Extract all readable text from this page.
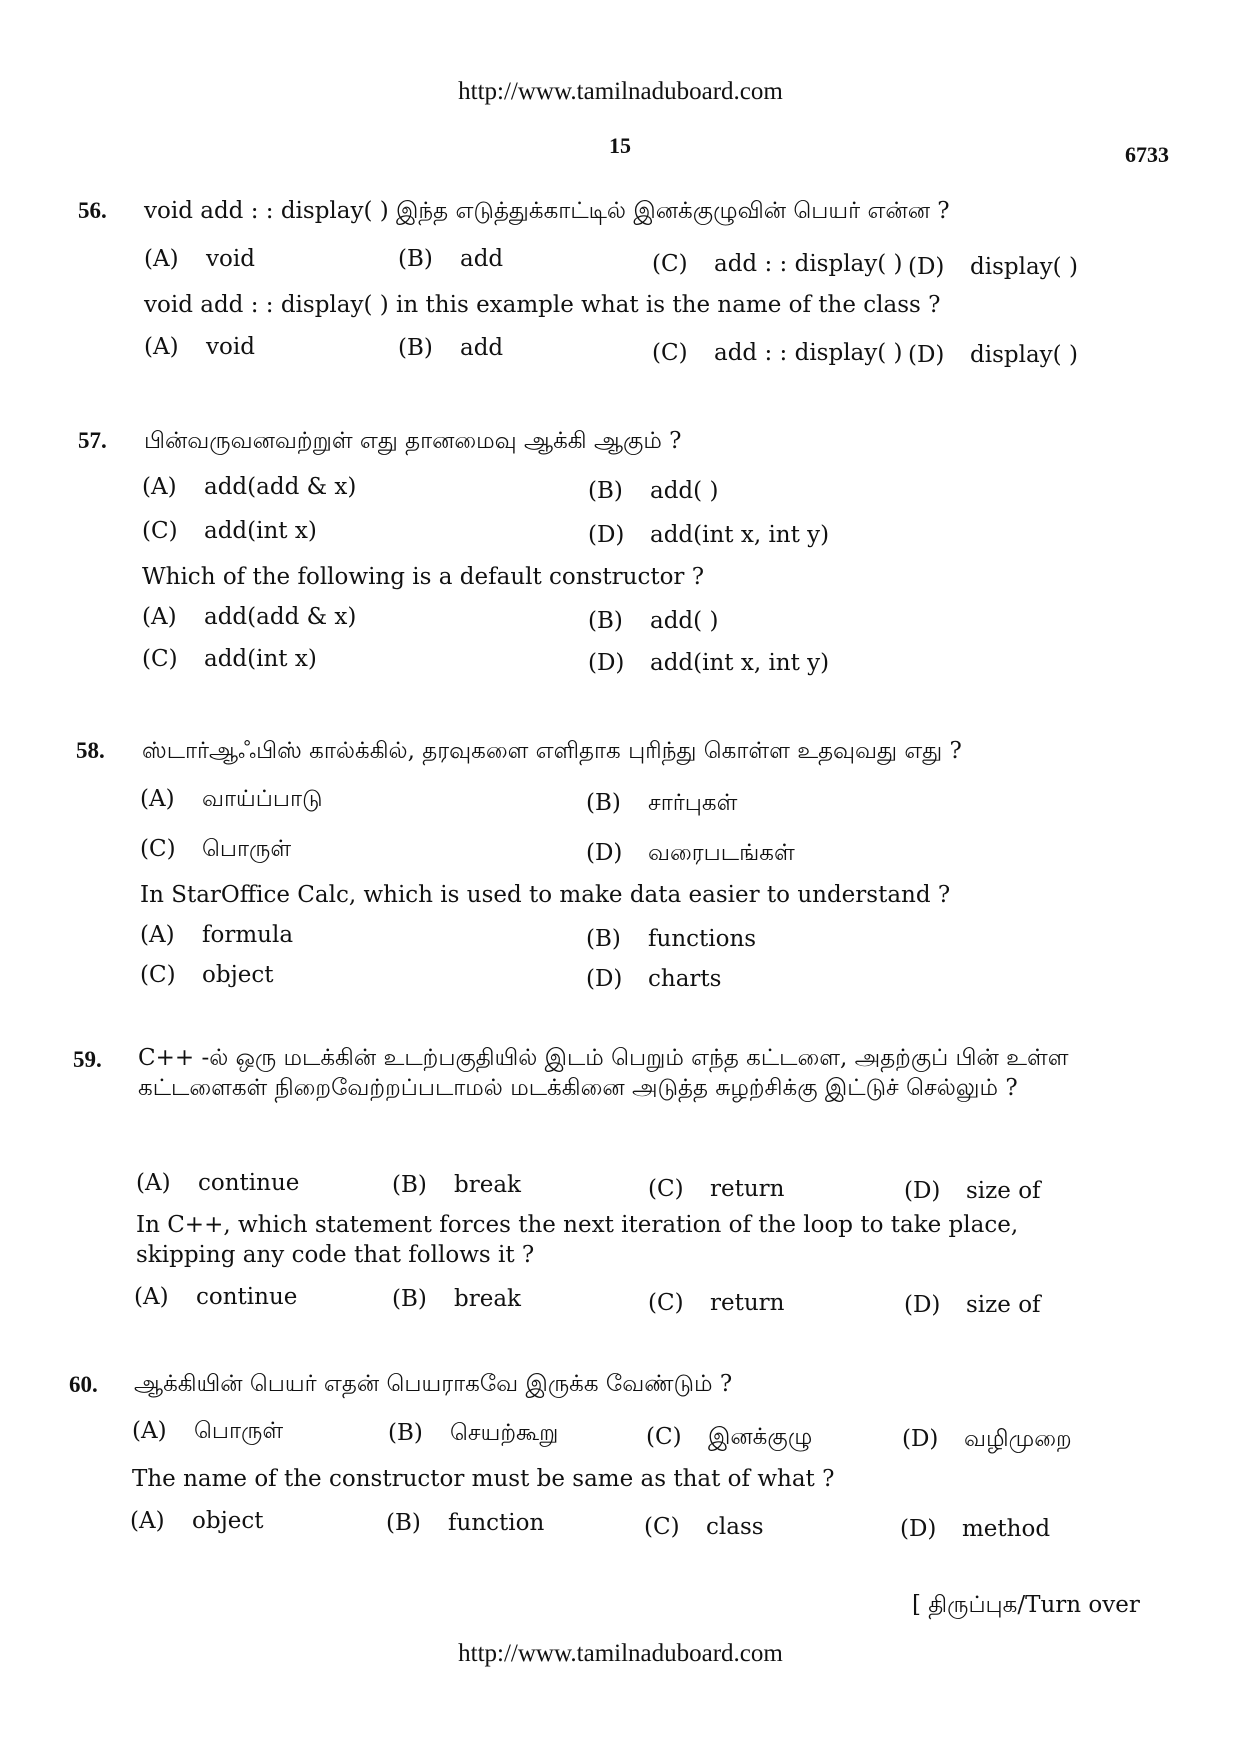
http://www.tamilnaduboard.com
15	6733
56. void add : : display( ) இந்த எடுத்துக்காட்டில் இனக்குழுவின் பெயர் என்ன ?
(A) void	(B) add	(C) add : : display( ) (D) display( )
void add : : display( ) in this example what is the name of the class ?
(A) void	(B) add	(C) add : : display( ) (D) display( )
57. பின்வருவனவற்றுள் எது தானமைவு ஆக்கி ஆகும் ?
(A) add(add & x)	(B) add( )
(C) add(int x)	(D) add(int x, int y)
Which of the following is a default constructor ?
(A) add(add & x)	(B) add( )
(C) add(int x)	(D) add(int x, int y)
58. ஸ்டார்ஆஃபிஸ் கால்க்கில், தரவுகளை எளிதாக புரிந்து கொள்ள உதவுவது எது ?
(A) வாய்ப்பாடு	(B) சார்புகள்
(C) பொருள்	(D) வரைபடங்கள்
In StarOffice Calc, which is used to make data easier to understand ?
(A) formula	(B) functions
(C) object	(D) charts
59. C++ -ல் ஒரு மடக்கின் உடற்பகுதியில் இடம் பெறும் எந்த கட்டளை, அதற்குப் பின் உள்ள கட்டளைகள் நிறைவேற்றப்படாமல் மடக்கினை அடுத்த சுழற்சிக்கு இட்டுச் செல்லும் ?
(A) continue	(B) break	(C) return	(D) size of
In C++, which statement forces the next iteration of the loop to take place, skipping any code that follows it ?
(A) continue	(B) break	(C) return	(D) size of
60. ஆக்கியின் பெயர் எதன் பெயராகவே இருக்க வேண்டும் ?
(A) பொருள்	(B) செயற்கூறு	(C) இனக்குழு	(D) வழிமுறை
The name of the constructor must be same as that of what ?
(A) object	(B) function	(C) class	(D) method
[ திருப்புக/Turn over
http://www.tamilnaduboard.com
